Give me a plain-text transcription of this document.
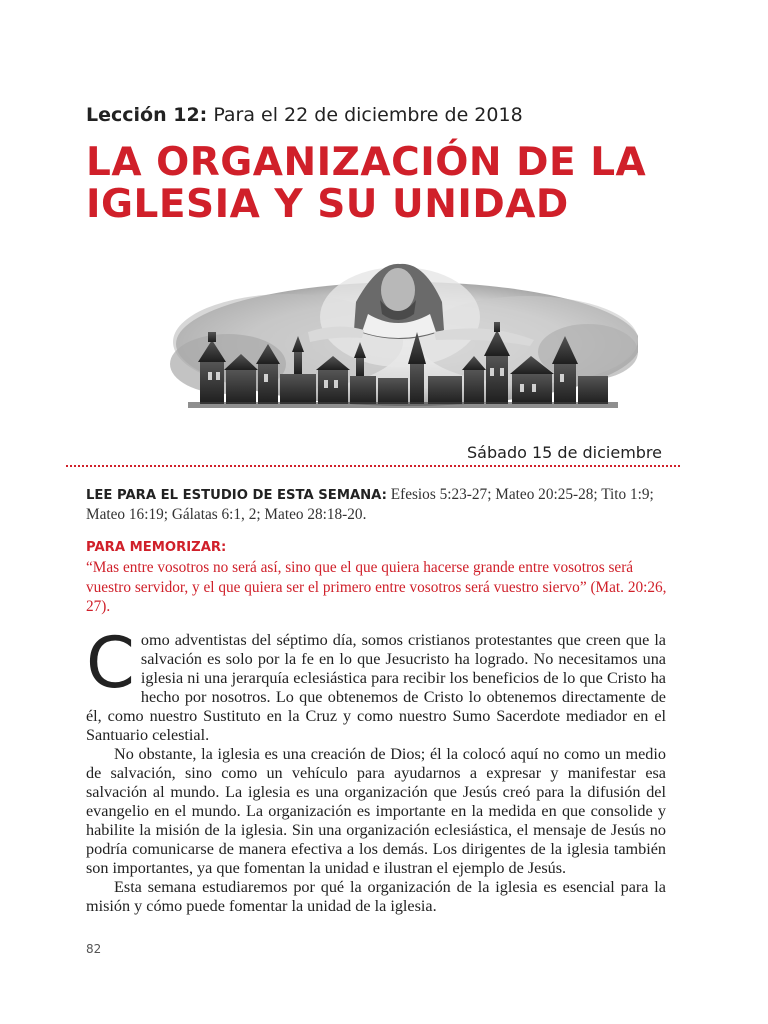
Lección 12: Para el 22 de diciembre de 2018
LA ORGANIZACIÓN DE LA
IGLESIA Y SU UNIDAD
Sábado 15 de diciembre
LEE PARA EL ESTUDIO DE ESTA SEMANA: Efesios 5:23-27; Mateo 20:25-28; Tito 1:9; Mateo 16:19; Gálatas 6:1, 2; Mateo 28:18-20.
PARA MEMORIZAR:
“Mas entre vosotros no será así, sino que el que quiera hacerse grande entre vosotros será vuestro servidor, y el que quiera ser el primero entre vosotros será vuestro siervo” (Mat. 20:26, 27).

C omo adventistas del séptimo día, somos cristianos protestantes que creen que la salvación es solo por la fe en lo que Jesucristo ha logrado. No necesitamos una iglesia ni una jerarquía eclesiástica para recibir los beneficios de lo que Cristo ha hecho por nosotros. Lo que obtenemos de Cristo lo obtenemos directamente de él, como nuestro Sustituto en la Cruz y como nuestro Sumo Sacerdote mediador en el Santuario celestial.

No obstante, la iglesia es una creación de Dios; él la colocó aquí no como un medio de salvación, sino como un vehículo para ayudarnos a expresar y manifestar esa salvación al mundo. La iglesia es una organización que Jesús creó para la difusión del evangelio en el mundo. La organización es importante en la medida en que consolide y habilite la misión de la iglesia. Sin una organización eclesiástica, el mensaje de Jesús no podría comunicarse de manera efectiva a los demás. Los dirigentes de la iglesia también son importantes, ya que fomentan la unidad e ilustran el ejemplo de Jesús.

Esta semana estudiaremos por qué la organización de la iglesia es esencial para la misión y cómo puede fomentar la unidad de la iglesia.

82
